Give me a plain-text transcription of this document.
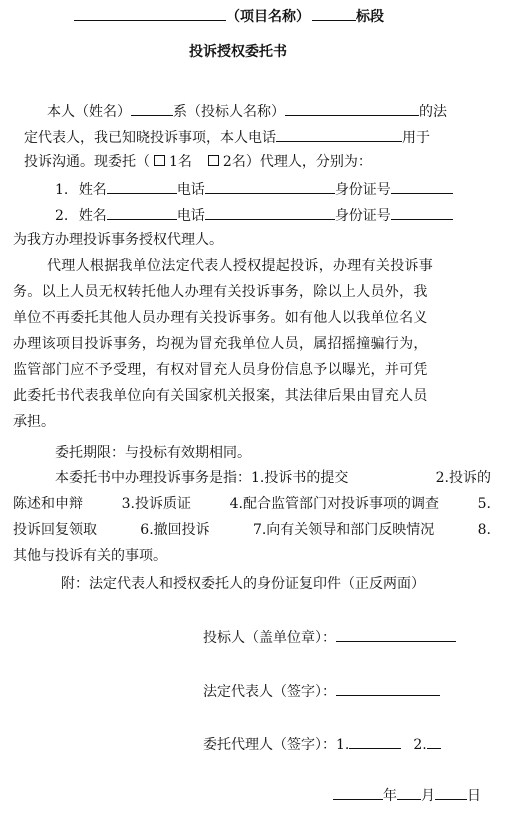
（项目名称）	标段
投诉授权委托书
本人（姓名）	系（投标人名称）	的法
定代表人，我已知晓投诉事项，本人电话	用于
投诉沟通。现委托（ 1名 2名）代理人，分别为：
1. 姓名	电话	身份证号
2. 姓名	电话	身份证号
为我方办理投诉事务授权代理人。
代理人根据我单位法定代表人授权提起投诉，办理有关投诉事
务。以上人员无权转托他人办理有关投诉事务，除以上人员外，我
单位不再委托其他人员办理有关投诉事务。如有他人以我单位名义
办理该项目投诉事务，均视为冒充我单位人员，属招摇撞骗行为，
监管部门应不予受理，有权对冒充人员身份信息予以曝光，并可凭
此委托书代表我单位向有关国家机关报案，其法律后果由冒充人员
承担。
委托期限：与投标有效期相同。
本委托书中办理投诉事务是指：1.投诉书的提交	2.投诉的
陈述和申辩	3.投诉质证	4.配合监管部门对投诉事项的调查	5.
投诉回复领取	6.撤回投诉	7.向有关领导和部门反映情况	8.
其他与投诉有关的事项。
附：法定代表人和授权委托人的身份证复印件（正反两面）
投标人（盖单位章）：
法定代表人（签字）：
委托代理人（签字）：1.	2.
年 月 日
